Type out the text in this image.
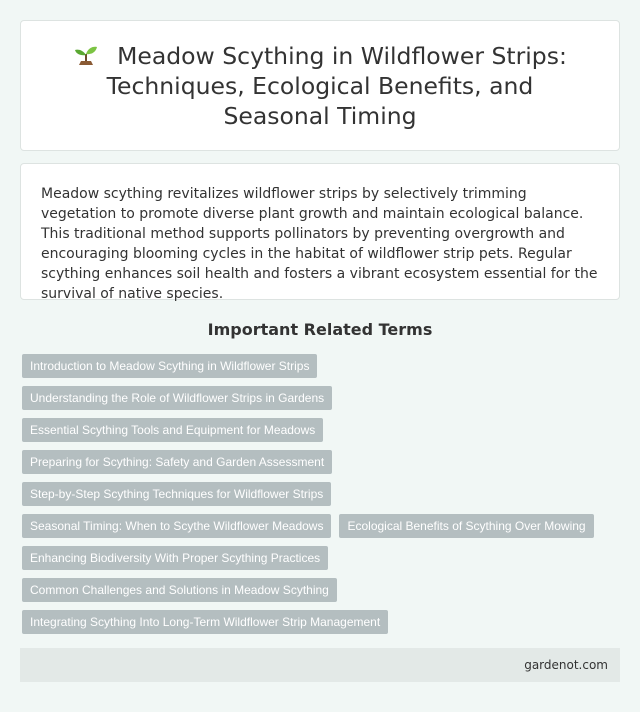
Meadow Scything in Wildflower Strips: Techniques, Ecological Benefits, and Seasonal Timing

Meadow scything revitalizes wildflower strips by selectively trimming vegetation to promote diverse plant growth and maintain ecological balance. This traditional method supports pollinators by preventing overgrowth and encouraging blooming cycles in the habitat of wildflower strip pets. Regular scything enhances soil health and fosters a vibrant ecosystem essential for the survival of native species.

Important Related Terms
Introduction to Meadow Scything in Wildflower Strips
Understanding the Role of Wildflower Strips in Gardens
Essential Scything Tools and Equipment for Meadows
Preparing for Scything: Safety and Garden Assessment
Step-by-Step Scything Techniques for Wildflower Strips
Seasonal Timing: When to Scythe Wildflower Meadows	Ecological Benefits of Scything Over Mowing
Enhancing Biodiversity With Proper Scything Practices
Common Challenges and Solutions in Meadow Scything
Integrating Scything Into Long-Term Wildflower Strip Management
gardenot.com
